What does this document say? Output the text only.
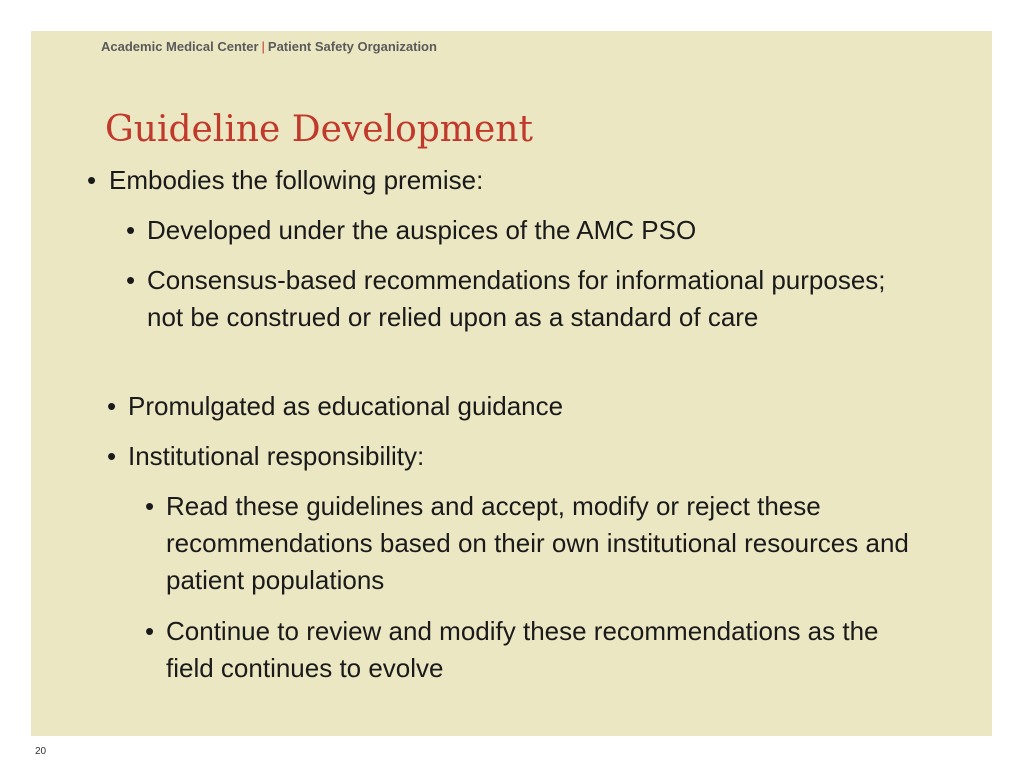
Academic Medical Center | Patient Safety Organization
Guideline Development
• Embodies the following premise:
• Developed under the auspices of the AMC PSO
• Consensus-based recommendations for informational purposes; not be construed or relied upon as a standard of care
• Promulgated as educational guidance
• Institutional responsibility:
• Read these guidelines and accept, modify or reject these recommendations based on their own institutional resources and patient populations
• Continue to review and modify these recommendations as the field continues to evolve
20
